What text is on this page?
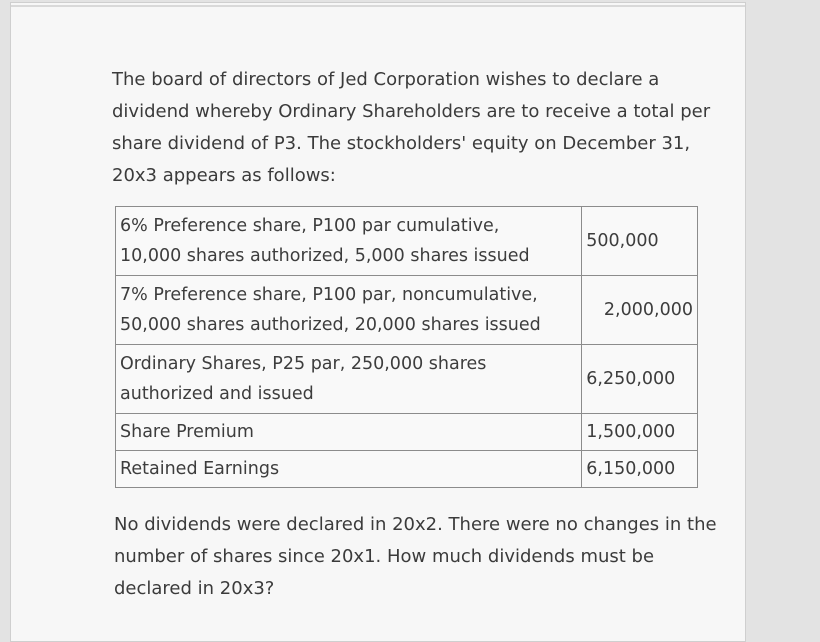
The board of directors of Jed Corporation wishes to declare a dividend whereby Ordinary Shareholders are to receive a total per share dividend of P3. The stockholders' equity on December 31, 20x3 appears as follows:
6% Preference share, P100 par cumulative,
10,000 shares authorized, 5,000 shares issued	500,000

7% Preference share, P100 par, noncumulative,
50,000 shares authorized, 20,000 shares issued	2,000,000

Ordinary Shares, P25 par, 250,000 shares
authorized and issued	6,250,000
Share Premium	1,500,000
Retained Earnings	6,150,000
No dividends were declared in 20x2. There were no changes in the number of shares since 20x1. How much dividends must be declared in 20x3?
